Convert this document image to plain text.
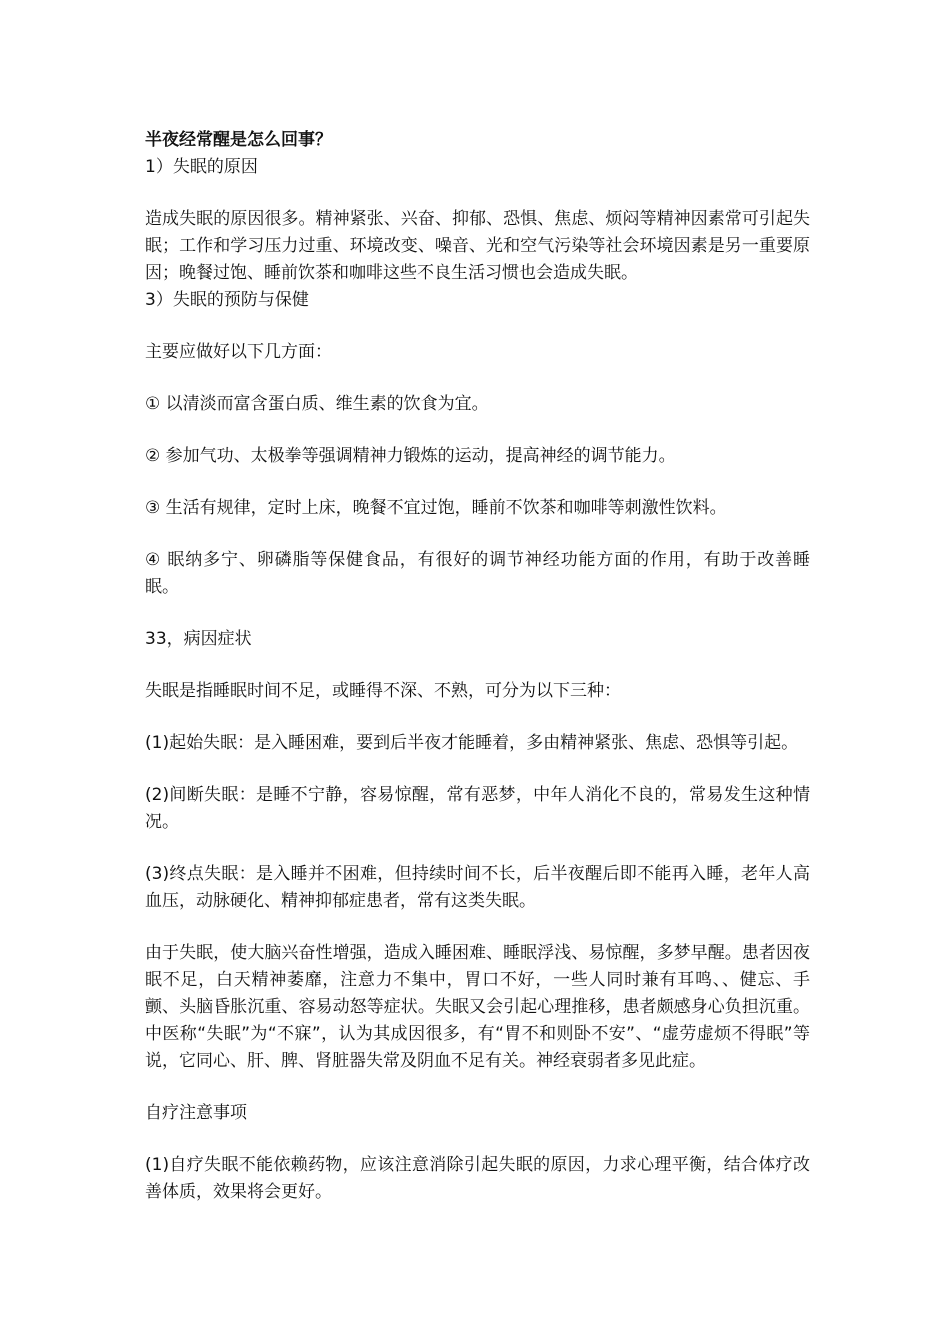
半夜经常醒是怎么回事？

1）失眠的原因

造成失眠的原因很多。精神紧张、兴奋、抑郁、恐惧、焦虑、烦闷等精神因素常可引起失眠；工作和学习压力过重、环境改变、噪音、光和空气污染等社会环境因素是另一重要原因；晚餐过饱、睡前饮茶和咖啡这些不良生活习惯也会造成失眠。

3）失眠的预防与保健

主要应做好以下几方面：

① 以清淡而富含蛋白质、维生素的饮食为宜。

② 参加气功、太极拳等强调精神力锻炼的运动，提高神经的调节能力。

③ 生活有规律，定时上床，晚餐不宜过饱，睡前不饮茶和咖啡等刺激性饮料。

④ 眠纳多宁、卵磷脂等保健食品，有很好的调节神经功能方面的作用，有助于改善睡眠。

33，病因症状

失眠是指睡眠时间不足，或睡得不深、不熟，可分为以下三种：

(1)起始失眠：是入睡困难，要到后半夜才能睡着，多由精神紧张、焦虑、恐惧等引起。

(2)间断失眠：是睡不宁静，容易惊醒，常有恶梦，中年人消化不良的，常易发生这种情况。

(3)终点失眠：是入睡并不困难，但持续时间不长，后半夜醒后即不能再入睡，老年人高血压，动脉硬化、精神抑郁症患者，常有这类失眠。

由于失眠，使大脑兴奋性增强，造成入睡困难、睡眠浮浅、易惊醒，多梦早醒。患者因夜眠不足，白天精神萎靡，注意力不集中，胃口不好，一些人同时兼有耳鸣、、健忘、手颤、头脑昏胀沉重、容易动怒等症状。失眠又会引起心理推移，患者颇感身心负担沉重。中医称“失眠”为“不寐”，认为其成因很多，有“胃不和则卧不安”、“虚劳虚烦不得眠”等说，它同心、肝、脾、肾脏器失常及阴血不足有关。神经衰弱者多见此症。

自疗注意事项

(1)自疗失眠不能依赖药物，应该注意消除引起失眠的原因，力求心理平衡，结合体疗改善体质，效果将会更好。
